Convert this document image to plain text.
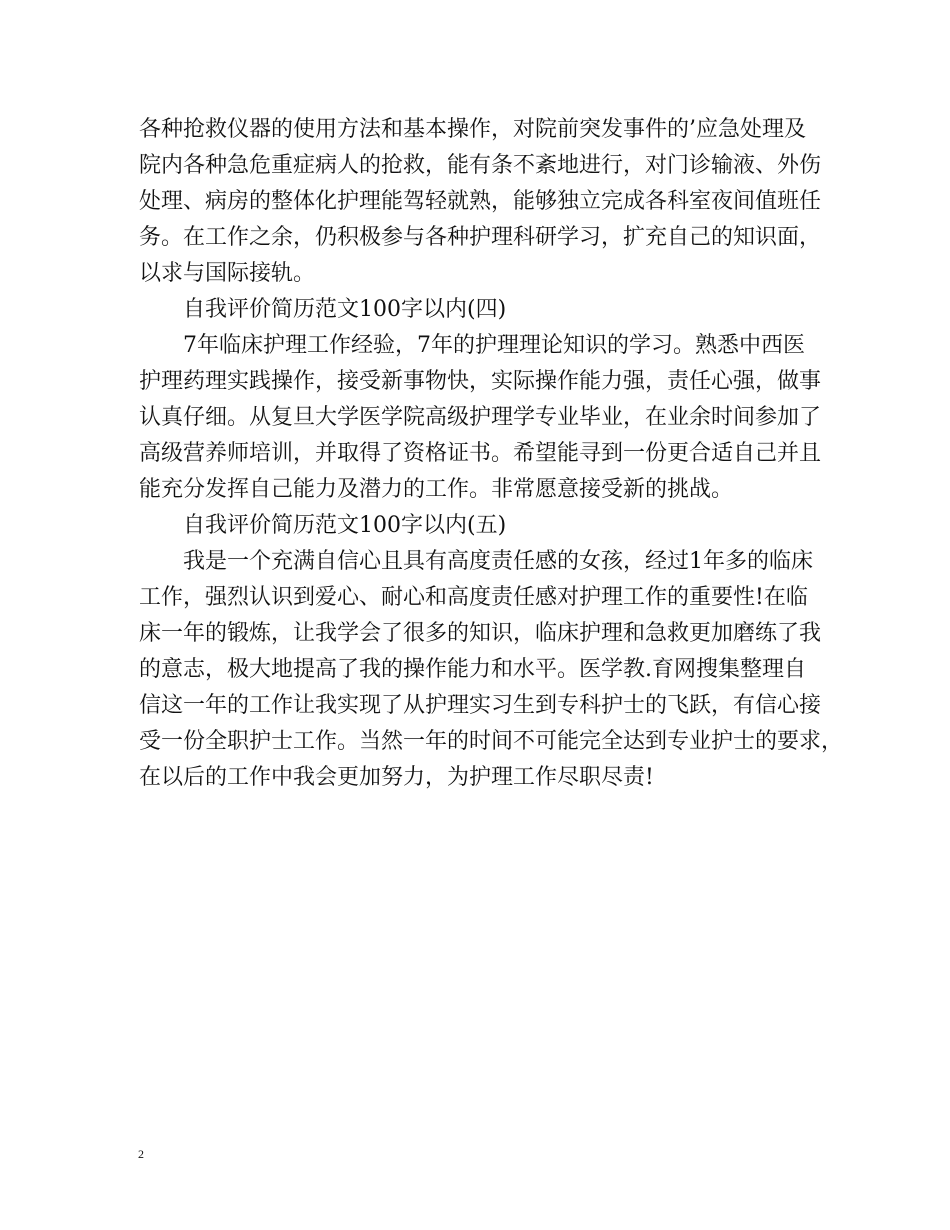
各种抢救仪器的使用方法和基本操作，对院前突发事件的’应急处理及
院内各种急危重症病人的抢救，能有条不紊地进行，对门诊输液、外伤
处理、病房的整体化护理能驾轻就熟，能够独立完成各科室夜间值班任
务。在工作之余，仍积极参与各种护理科研学习，扩充自己的知识面，
以求与国际接轨。
自我评价简历范文100字以内(四)
7年临床护理工作经验，7年的护理理论知识的学习。熟悉中西医
护理药理实践操作，接受新事物快，实际操作能力强，责任心强，做事
认真仔细。从复旦大学医学院高级护理学专业毕业，在业余时间参加了
高级营养师培训，并取得了资格证书。希望能寻到一份更合适自己并且
能充分发挥自己能力及潜力的工作。非常愿意接受新的挑战。
自我评价简历范文100字以内(五)
我是一个充满自信心且具有高度责任感的女孩，经过1年多的临床
工作，强烈认识到爱心、耐心和高度责任感对护理工作的重要性!在临
床一年的锻炼，让我学会了很多的知识，临床护理和急救更加磨练了我
的意志，极大地提高了我的操作能力和水平。医学教.育网搜集整理自
信这一年的工作让我实现了从护理实习生到专科护士的飞跃，有信心接
受一份全职护士工作。当然一年的时间不可能完全达到专业护士的要求，
在以后的工作中我会更加努力，为护理工作尽职尽责!
2
